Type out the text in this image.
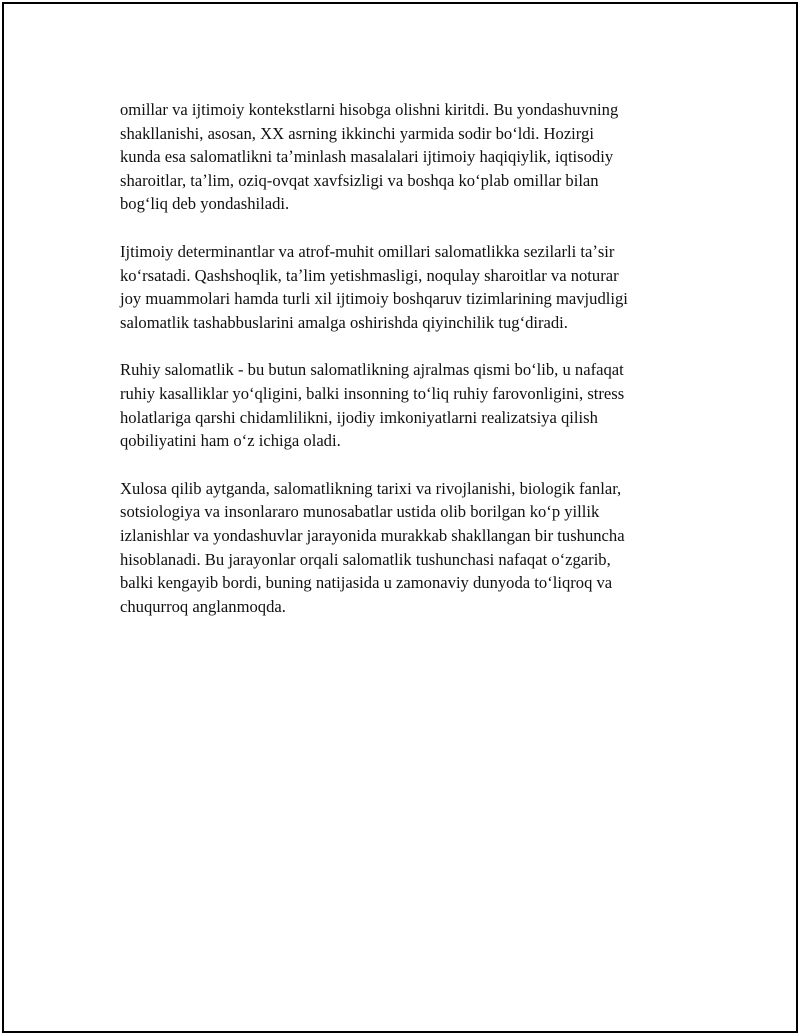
omillar va ijtimoiy kontekstlarni hisobga olishni kiritdi. Bu yondashuvning
shakllanishi, asosan, XX asrning ikkinchi yarmida sodir boʻldi. Hozirgi
kunda esa salomatlikni taʼminlash masalalari ijtimoiy haqiqiylik, iqtisodiy
sharoitlar, taʼlim, oziq-ovqat xavfsizligi va boshqa koʻplab omillar bilan
bogʻliq deb yondashiladi.

Ijtimoiy determinantlar va atrof-muhit omillari salomatlikka sezilarli taʼsir
koʻrsatadi. Qashshoqlik, taʼlim yetishmasligi, noqulay sharoitlar va noturar
joy muammolari hamda turli xil ijtimoiy boshqaruv tizimlarining mavjudligi
salomatlik tashabbuslarini amalga oshirishda qiyinchilik tugʻdiradi.

Ruhiy salomatlik - bu butun salomatlikning ajralmas qismi boʻlib, u nafaqat
ruhiy kasalliklar yoʻqligini, balki insonning toʻliq ruhiy farovonligini, stress
holatlariga qarshi chidamlilikni, ijodiy imkoniyatlarni realizatsiya qilish
qobiliyatini ham oʻz ichiga oladi.

Xulosa qilib aytganda, salomatlikning tarixi va rivojlanishi, biologik fanlar,
sotsiologiya va insonlararo munosabatlar ustida olib borilgan koʻp yillik
izlanishlar va yondashuvlar jarayonida murakkab shakllangan bir tushuncha
hisoblanadi. Bu jarayonlar orqali salomatlik tushunchasi nafaqat oʻzgarib,
balki kengayib bordi, buning natijasida u zamonaviy dunyoda toʻliqroq va
chuqurroq anglanmoqda.
